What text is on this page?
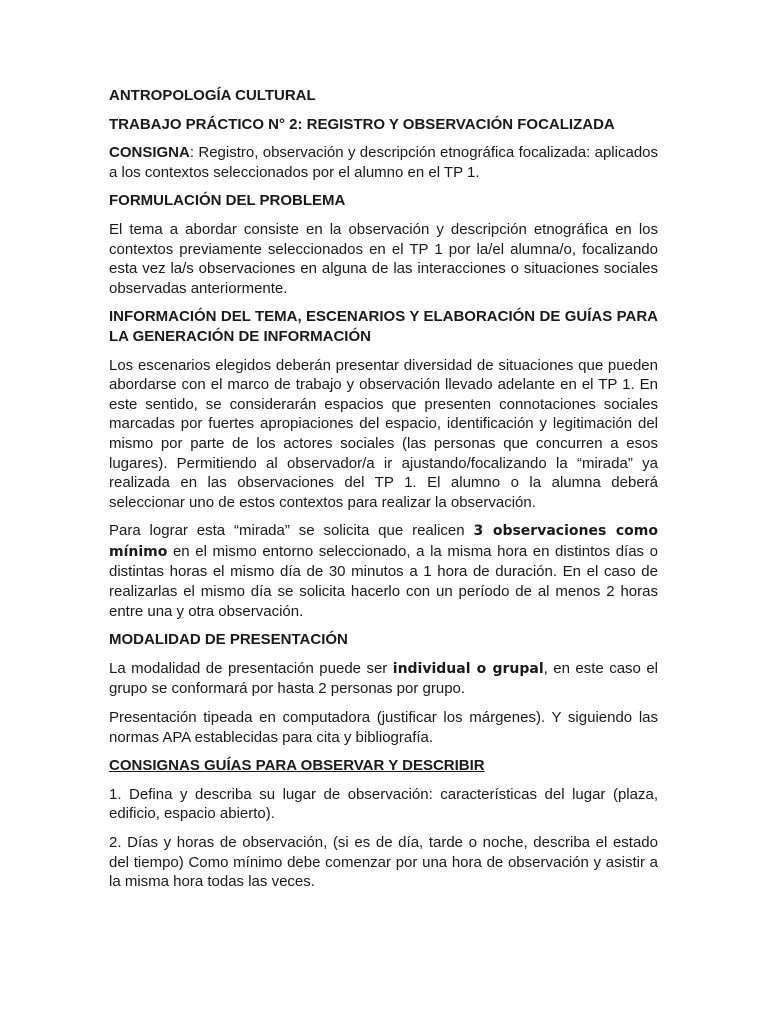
ANTROPOLOGÍA CULTURAL

TRABAJO PRÁCTICO N° 2: REGISTRO Y OBSERVACIÓN FOCALIZADA

CONSIGNA: Registro, observación y descripción etnográfica focalizada: aplicados a los contextos seleccionados por el alumno en el TP 1.

FORMULACIÓN DEL PROBLEMA

El tema a abordar consiste en la observación y descripción etnográfica en los contextos previamente seleccionados en el TP 1 por la/el alumna/o, focalizando esta vez la/s observaciones en alguna de las interacciones o situaciones sociales observadas anteriormente.

INFORMACIÓN DEL TEMA, ESCENARIOS Y ELABORACIÓN DE GUÍAS PARA LA GENERACIÓN DE INFORMACIÓN

Los escenarios elegidos deberán presentar diversidad de situaciones que pueden abordarse con el marco de trabajo y observación llevado adelante en el TP 1. En este sentido, se considerarán espacios que presenten connotaciones sociales marcadas por fuertes apropiaciones del espacio, identificación y legitimación del mismo por parte de los actores sociales (las personas que concurren a esos lugares). Permitiendo al observador/a ir ajustando/focalizando la “mirada” ya realizada en las observaciones del TP 1. El alumno o la alumna deberá seleccionar uno de estos contextos para realizar la observación.

Para lograr esta “mirada” se solicita que realicen 3 observaciones como mínimo en el mismo entorno seleccionado, a la misma hora en distintos días o distintas horas el mismo día de 30 minutos a 1 hora de duración. En el caso de realizarlas el mismo día se solicita hacerlo con un período de al menos 2 horas entre una y otra observación.

MODALIDAD DE PRESENTACIÓN

La modalidad de presentación puede ser individual o grupal, en este caso el grupo se conformará por hasta 2 personas por grupo.

Presentación tipeada en computadora (justificar los márgenes). Y siguiendo las normas APA establecidas para cita y bibliografía.

CONSIGNAS GUÍAS PARA OBSERVAR Y DESCRIBIR

1. Defina y describa su lugar de observación: características del lugar (plaza, edificio, espacio abierto).

2. Días y horas de observación, (si es de día, tarde o noche, describa el estado del tiempo) Como mínimo debe comenzar por una hora de observación y asistir a la misma hora todas las veces.
